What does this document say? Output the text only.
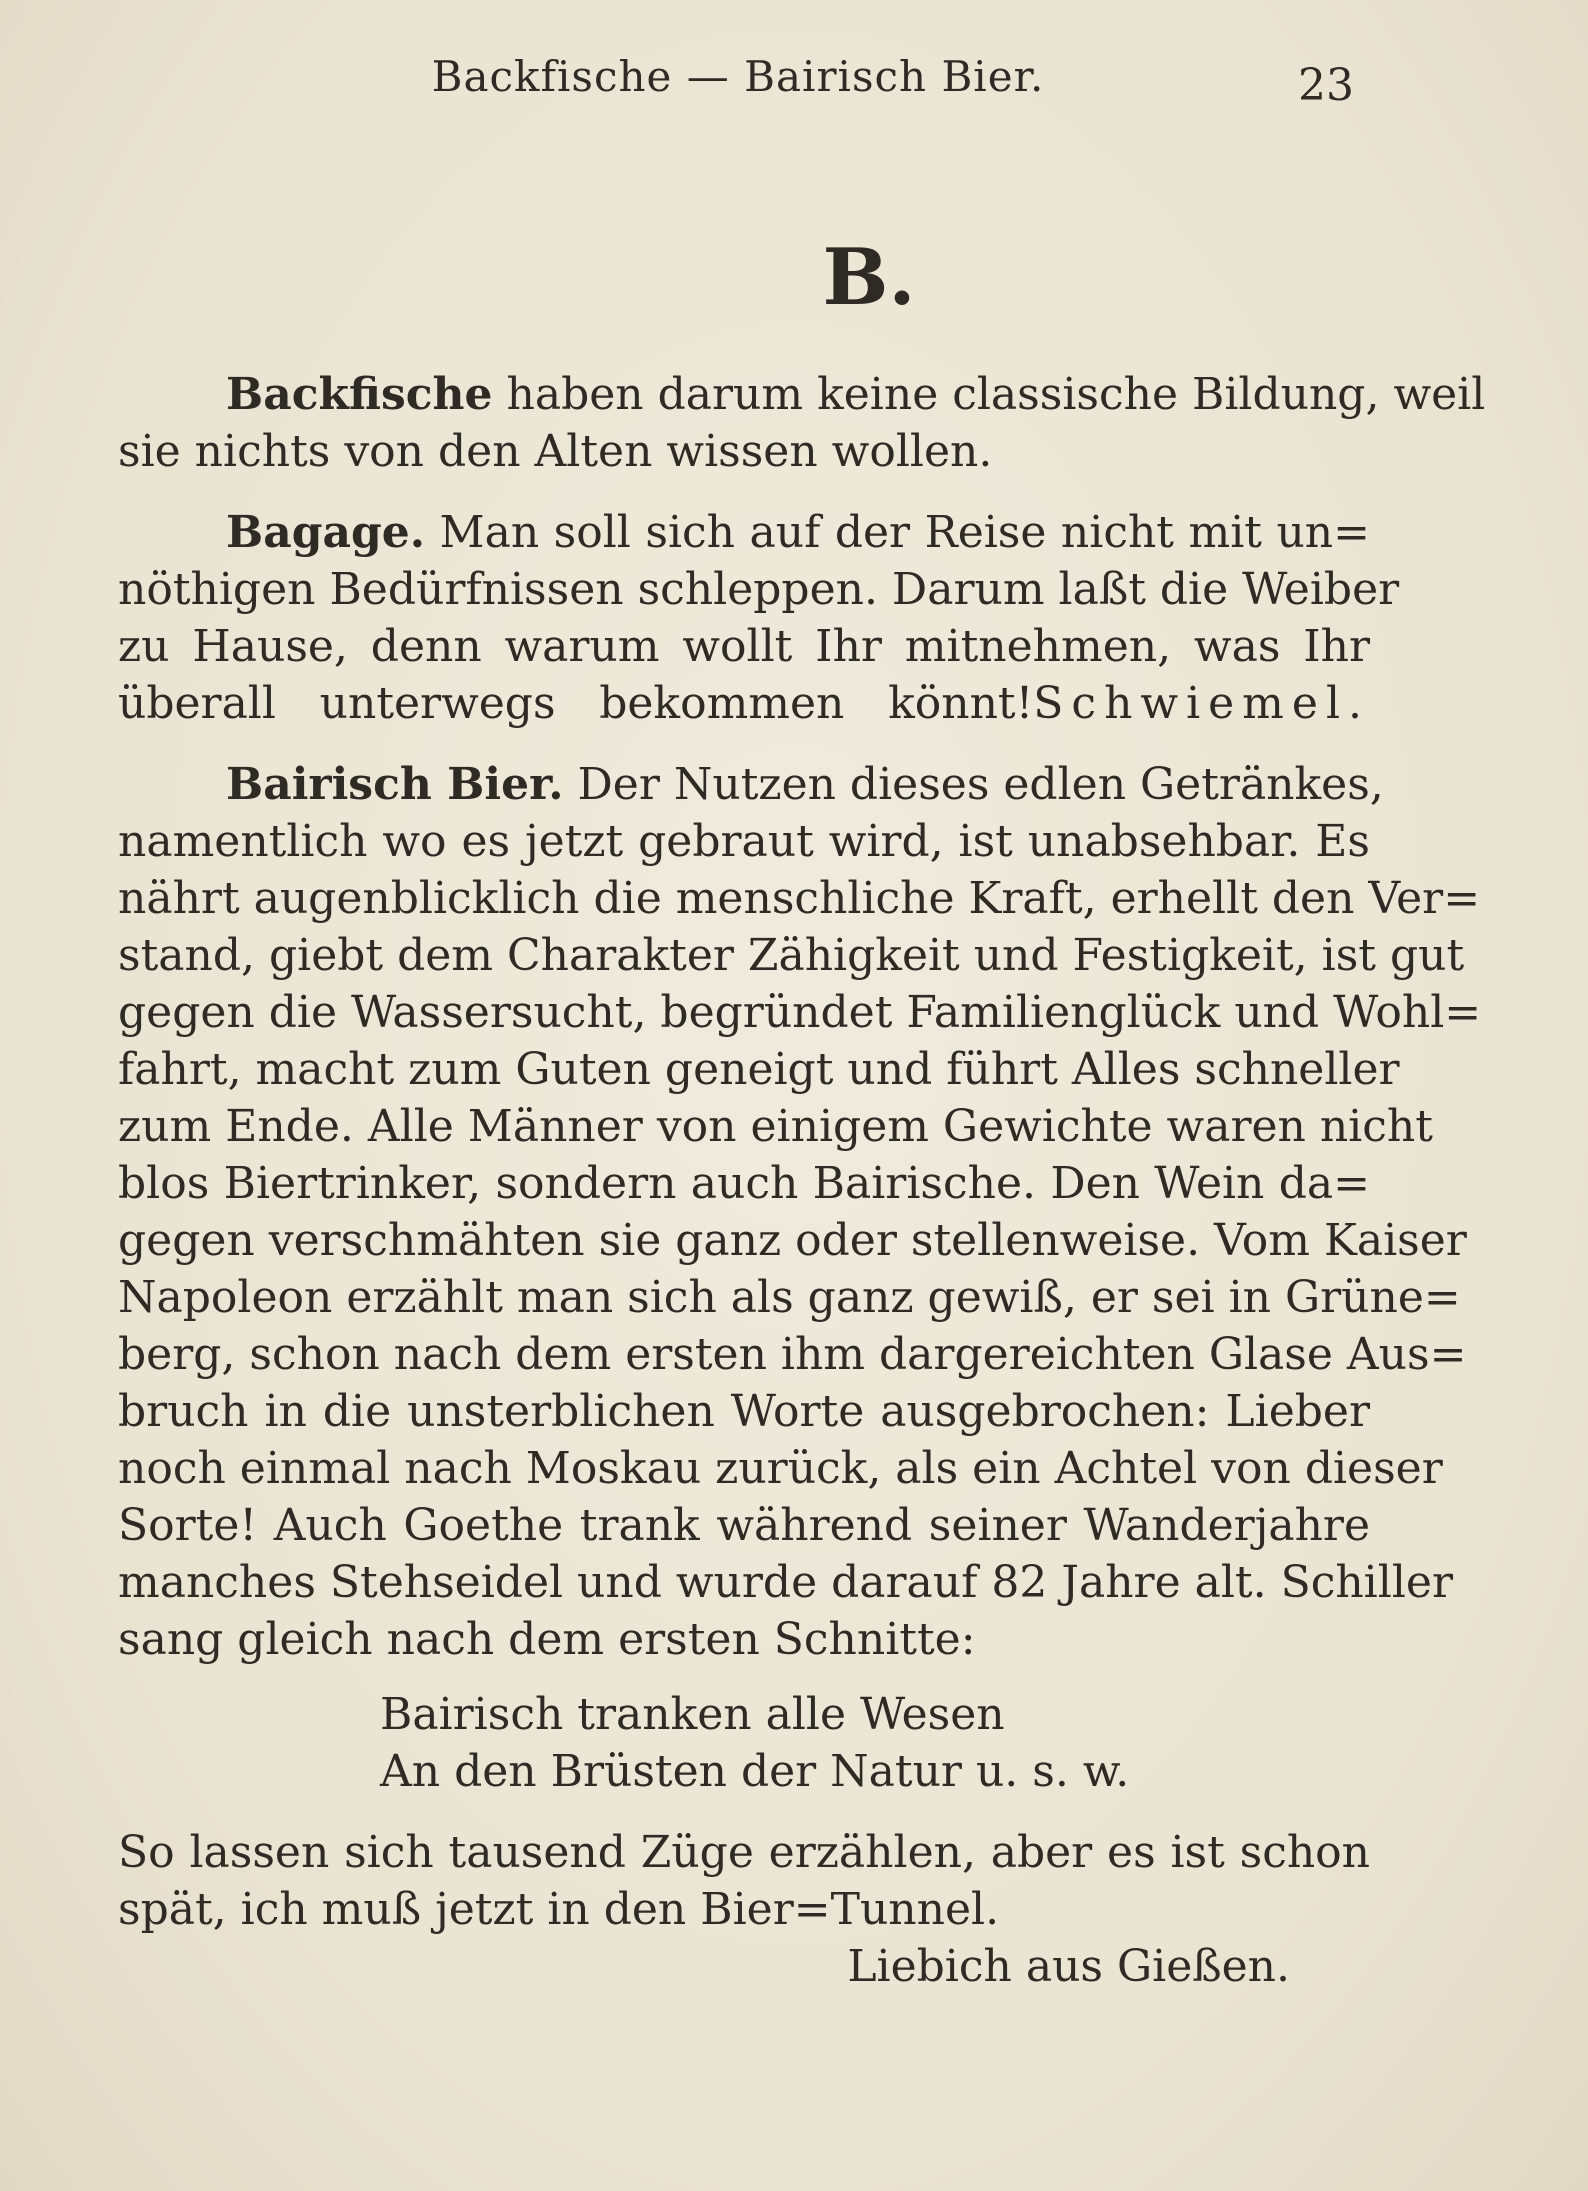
Backfische — Bairisch Bier.	23
B.
Backfische haben darum keine classische Bildung, weil
sie nichts von den Alten wissen wollen.
Bagage. Man soll sich auf der Reise nicht mit un=
nöthigen Bedürfnissen schleppen. Darum laßt die Weiber
zu Hause, denn warum wollt Ihr mitnehmen, was Ihr
überall unterwegs bekommen könnt!Schwiemel.
Bairisch Bier. Der Nutzen dieses edlen Getränkes,
namentlich wo es jetzt gebraut wird, ist unabsehbar. Es
nährt augenblicklich die menschliche Kraft, erhellt den Ver=
stand, giebt dem Charakter Zähigkeit und Festigkeit, ist gut
gegen die Wassersucht, begründet Familienglück und Wohl=
fahrt, macht zum Guten geneigt und führt Alles schneller
zum Ende. Alle Männer von einigem Gewichte waren nicht
blos Biertrinker, sondern auch Bairische. Den Wein da=
gegen verschmähten sie ganz oder stellenweise. Vom Kaiser
Napoleon erzählt man sich als ganz gewiß, er sei in Grüne=
berg, schon nach dem ersten ihm dargereichten Glase Aus=
bruch in die unsterblichen Worte ausgebrochen: Lieber
noch einmal nach Moskau zurück, als ein Achtel von dieser
Sorte! Auch Goethe trank während seiner Wanderjahre
manches Stehseidel und wurde darauf 82 Jahre alt. Schiller
sang gleich nach dem ersten Schnitte:
Bairisch tranken alle Wesen
An den Brüsten der Natur u. s. w.
So lassen sich tausend Züge erzählen, aber es ist schon
spät, ich muß jetzt in den Bier=Tunnel.
Liebich aus Gießen.
